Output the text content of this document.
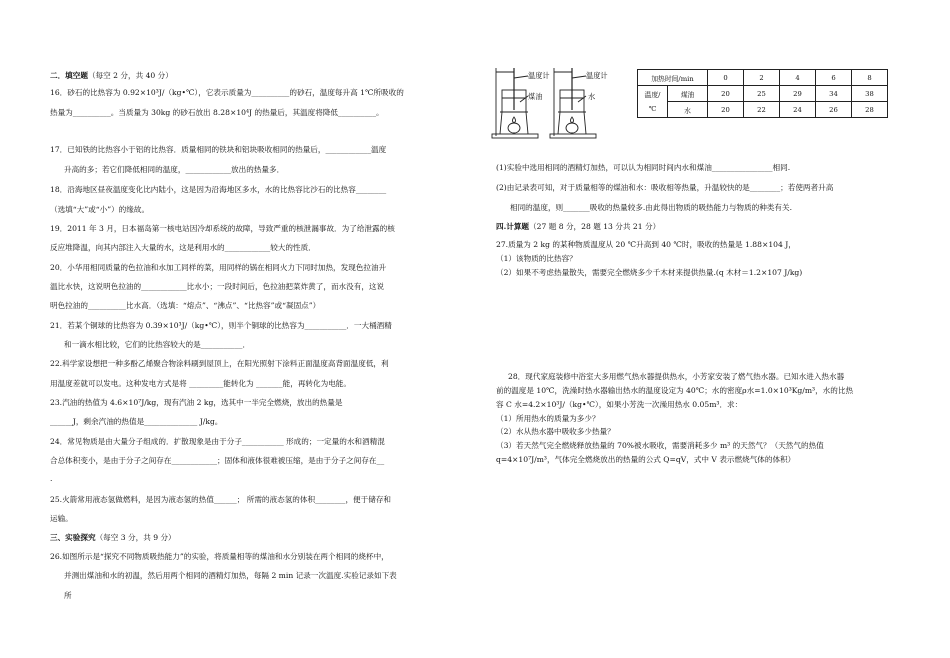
二．填空题（每空 2 分，共 40 分）
16．砂石的比热容为 0.92×10³J/（kg•℃），它表示质量为__________的砂石，温度每升高 1℃所吸收的
热量为__________。当质量为 30kg 的砂石放出 8.28×10⁴J 的热量后，其温度将降低__________。
17．已知铁的比热容小于铝的比热容．质量相同的铁块和铝块吸收相同的热量后，____________温度
升高的多；若它们降低相同的温度，____________放出的热量多．
18．沿海地区昼夜温度变化比内陆小，这是因为沿海地区多水，水的比热容比沙石的比热容________
（选填“大”或“小”）的缘故。
19．2011 年 3 月，日本福岛第一核电站因冷却系统的故障，导致严重的核泄漏事故．为了给泄露的核
反应堆降温，向其内部注入大量的水，这是利用水的____________较大的性质．
20．小华用相同质量的色拉油和水加工同样的菜，用同样的锅在相同火力下同时加热，发现色拉油升
温比水快，这说明色拉油的____________比水小；一段时间后，色拉油把菜炸黄了，而水没有，这说
明色拉油的__________比水高．（选填：“熔点”、“沸点”、“比热容”或“凝固点”）
21．若某个铜球的比热容为 0.39×10³J/（kg•℃），则半个铜球的比热容为___________．一大桶酒精
和一滴水相比较，它们的比热容较大的是___________．
22.科学家设想把一种多酚乙烯聚合物涂料刷到屋顶上，在阳光照射下涂料正面温度高背面温度低，利
用温度差就可以发电。这种发电方式是将 _________能转化为 _______能，再转化为电能。
23.汽油的热值为 4.6×10⁷J/kg，现有汽油 2 kg，选其中一半完全燃烧，放出的热量是
______J，剩余汽油的热值是______________ J/kg。
24．常见物质是由大量分子组成的．扩散现象是由于分子___________ 形成的；一定量的水和酒精混
合总体积变小，是由于分子之间存在____________；固体和液体很难被压缩，是由于分子之间存在__
.
25.火箭常用液态氢做燃料，是因为液态氢的热值______； 所需的液态氢的体积________，便于储存和
运输。
三、实验探究（每空 3 分，共 9 分）
26.如图所示是“探究不同物质吸热能力”的实验，将质量相等的煤油和水分别装在两个相同的烧杯中，
并测出煤油和水的初温，然后用两个相同的酒精灯加热，每隔 2 min 记录一次温度.实验记录如下表
所
温度计
煤油
温度计
水
加热时间/min		0	2	4	6	8
温度/
℃	煤油	20	25	29	34	38
	水	20	22	24	26	28
(1)实验中选用相同的酒精灯加热，可以认为相同时间内水和煤油________________相同.
(2)由记录表可知，对于质量相等的煤油和水：吸收相等热量，升温较快的是________；若使两者升高
相同的温度，则_______吸收的热量较多.由此得出物质的吸热能力与物质的种类有关.
四.计算题（27 题 8 分，28 题 13 分共 21 分）
27.质量为 2 kg 的某种物质温度从 20 ℃升高到 40 ℃时，吸收的热量是 1.88×104 J，
（1）该物质的比热容？
（2）如果不考虑热量散失，需要完全燃烧多少千木材来提供热量.(q 木材＝1.2×107 J/kg)
28．现代家庭装修中浴室大多用燃气热水器提供热水，小芳家安装了燃气热水器。已知水进入热水器
前的温度是 10℃，洗澡时热水器输出热水的温度设定为 40℃；水的密度ρ水=1.0×10³Kg/m³，水的比热
容 C 水=4.2×10³J/（kg•℃），如果小芳洗一次澡用热水 0.05m³．求：
（1）所用热水的质量为多少？
（2）水从热水器中吸收多少热量？
（3）若天然气完全燃烧释放热量的 70%被水吸收，需要消耗多少 m³ 的天然气？（天然气的热值
q=4×10⁷J/m³，气体完全燃烧放出的热量的公式 Q=qV，式中 V 表示燃烧气体的体积）
